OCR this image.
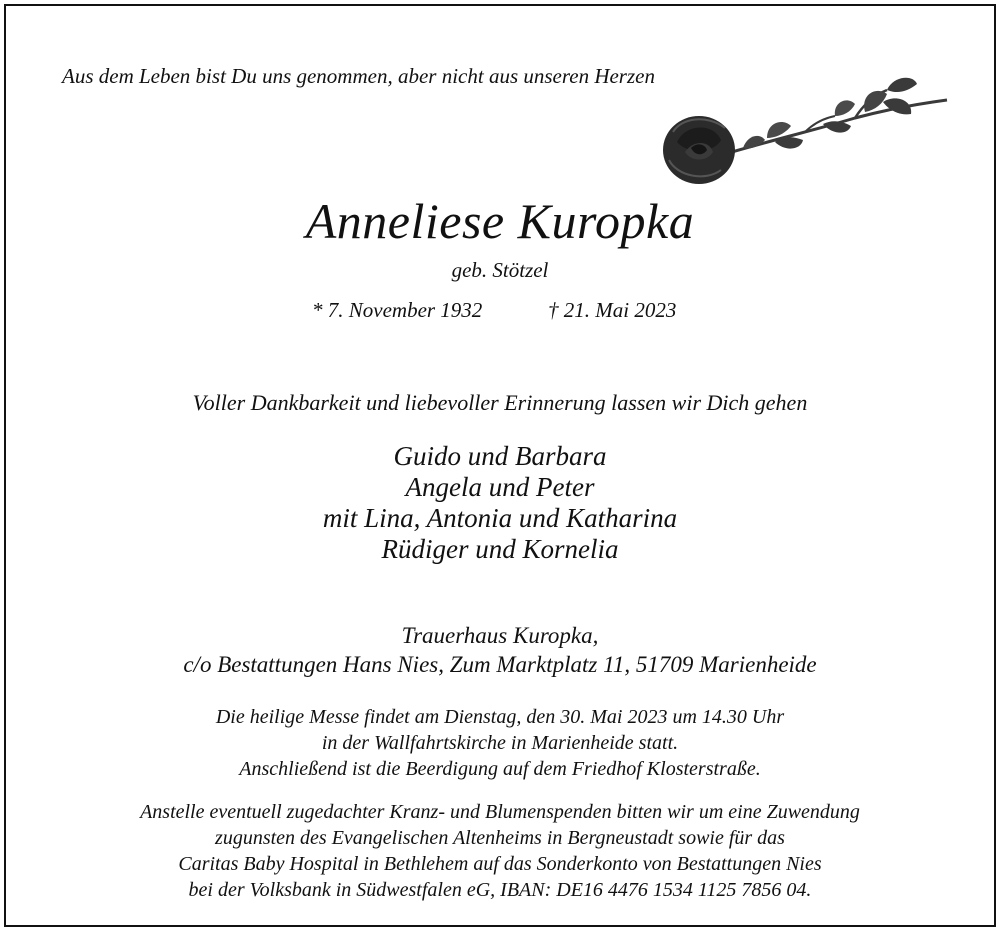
Aus dem Leben bist Du uns genommen, aber nicht aus unseren Herzen
Anneliese Kuropka
geb. Stötzel
* 7. November 1932	† 21. Mai 2023
Voller Dankbarkeit und liebevoller Erinnerung lassen wir Dich gehen
Guido und Barbara
Angela und Peter
mit Lina, Antonia und Katharina
Rüdiger und Kornelia
Trauerhaus Kuropka,
c/o Bestattungen Hans Nies, Zum Marktplatz 11, 51709 Marienheide
Die heilige Messe findet am Dienstag, den 30. Mai 2023 um 14.30 Uhr
in der Wallfahrtskirche in Marienheide statt.
Anschließend ist die Beerdigung auf dem Friedhof Klosterstraße.
Anstelle eventuell zugedachter Kranz- und Blumenspenden bitten wir um eine Zuwendung
zugunsten des Evangelischen Altenheims in Bergneustadt sowie für das
Caritas Baby Hospital in Bethlehem auf das Sonderkonto von Bestattungen Nies
bei der Volksbank in Südwestfalen eG, IBAN: DE16 4476 1534 1125 7856 04.
